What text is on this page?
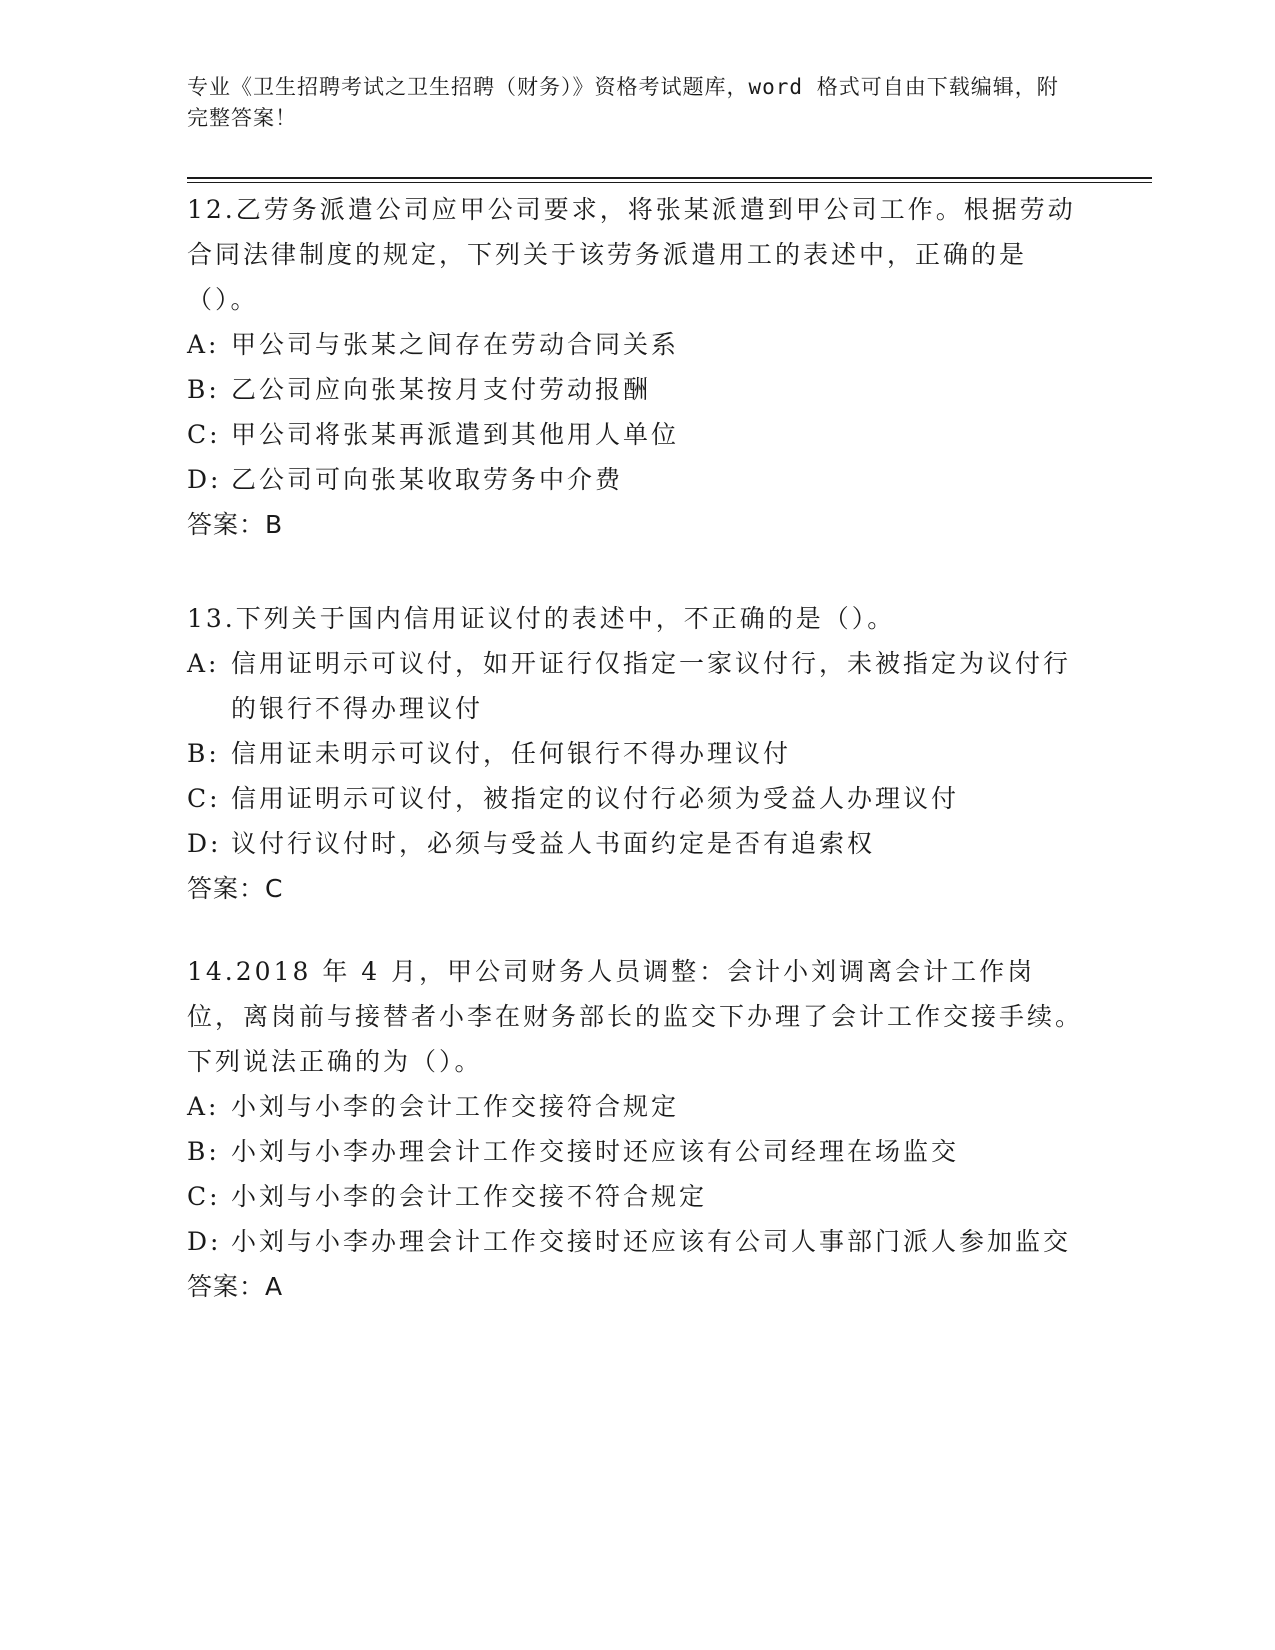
专业《卫生招聘考试之卫生招聘（财务）》资格考试题库，word 格式可自由下载编辑，附完整答案！

12.乙劳务派遣公司应甲公司要求，将张某派遣到甲公司工作。根据劳动合同法律制度的规定，下列关于该劳务派遣用工的表述中，正确的是（）。

A: 甲公司与张某之间存在劳动合同关系
B: 乙公司应向张某按月支付劳动报酬
C: 甲公司将张某再派遣到其他用人单位
D: 乙公司可向张某收取劳务中介费

答案：B

13.下列关于国内信用证议付的表述中，不正确的是（）。

A: 信用证明示可议付，如开证行仅指定一家议付行，未被指定为议付行的银行不得办理议付
B: 信用证未明示可议付，任何银行不得办理议付
C: 信用证明示可议付，被指定的议付行必须为受益人办理议付
D: 议付行议付时，必须与受益人书面约定是否有追索权

答案：C

14.2018 年 4 月，甲公司财务人员调整：会计小刘调离会计工作岗位，离岗前与接替者小李在财务部长的监交下办理了会计工作交接手续。下列说法正确的为（）。

A: 小刘与小李的会计工作交接符合规定
B: 小刘与小李办理会计工作交接时还应该有公司经理在场监交
C: 小刘与小李的会计工作交接不符合规定
D: 小刘与小李办理会计工作交接时还应该有公司人事部门派人参加监交

答案：A
